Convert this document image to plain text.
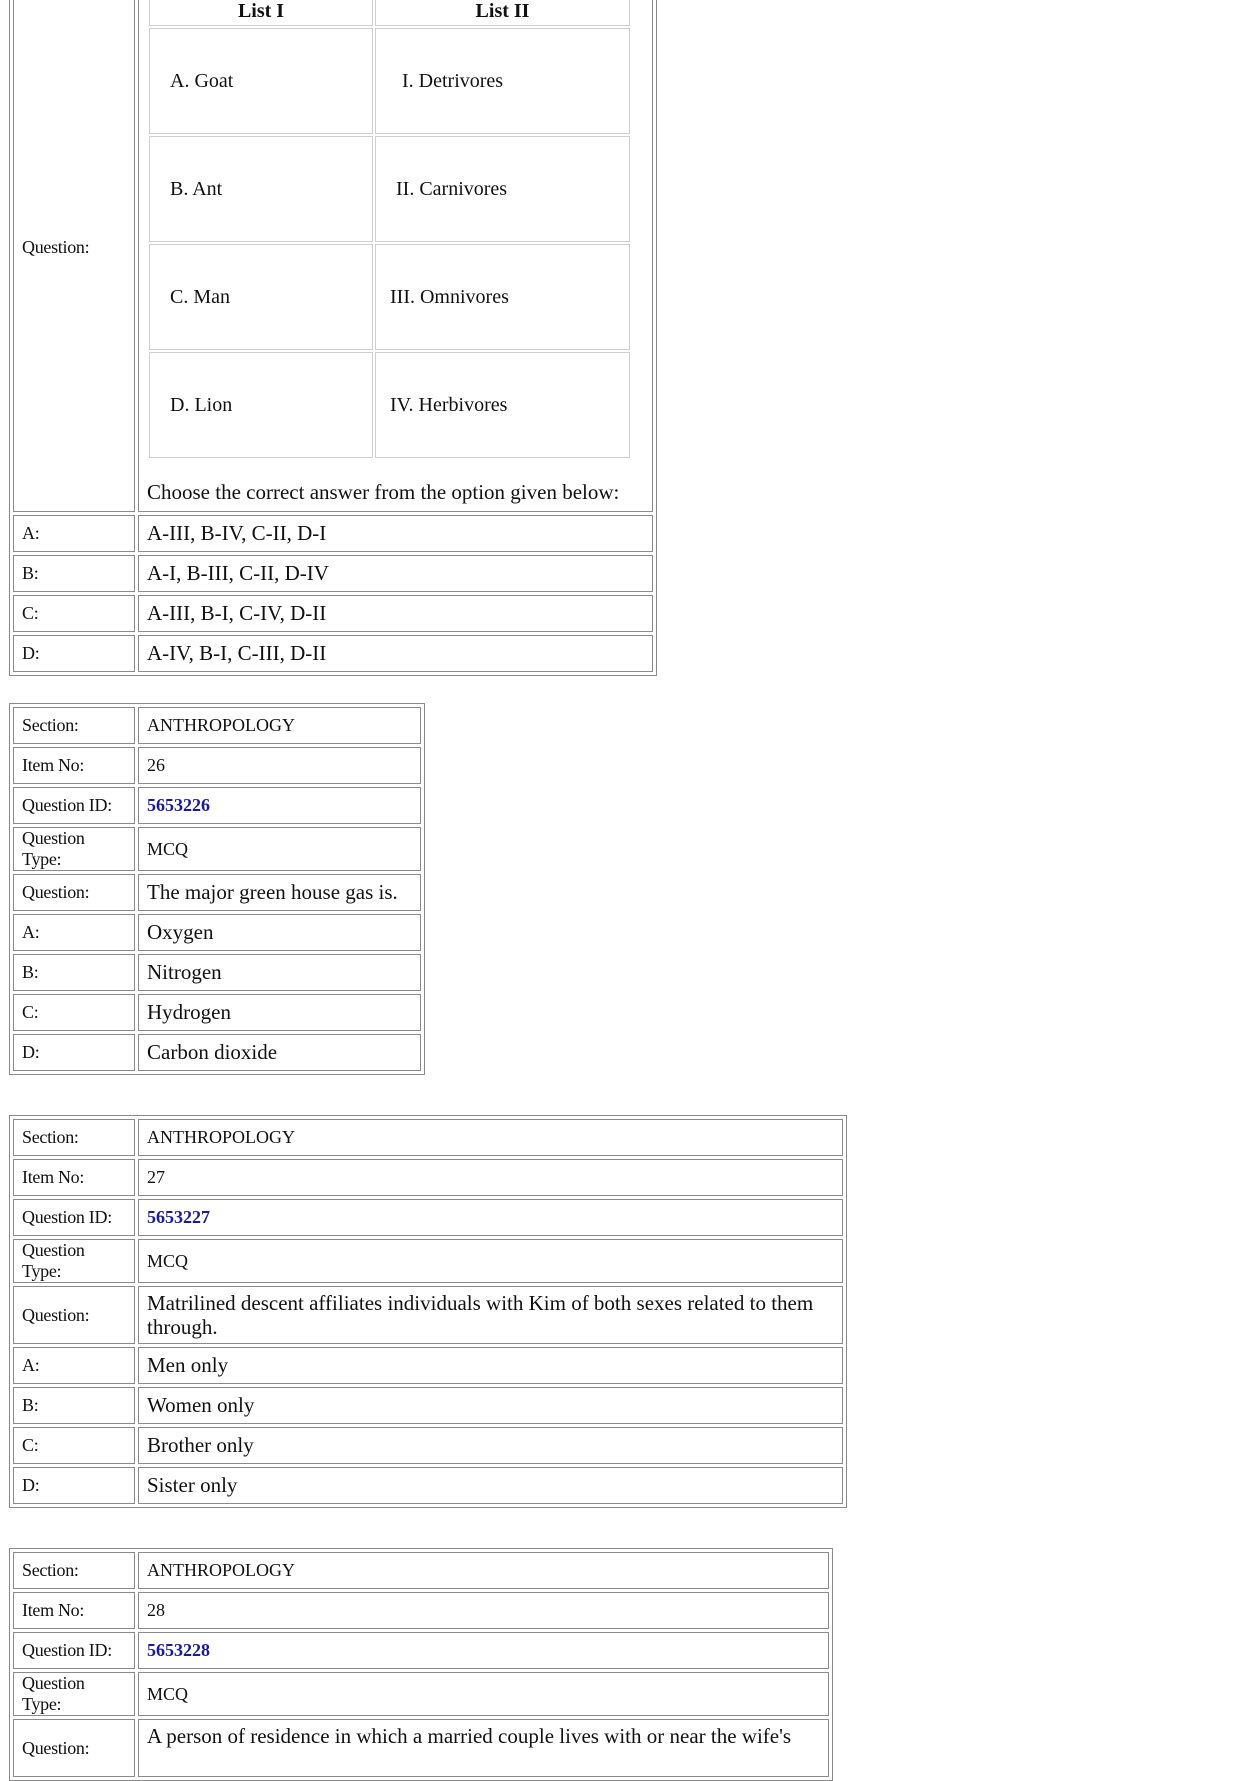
Question:	
List I	List II
A. Goat	I. Detrivores
B. Ant	II. Carnivores
C. Man	III. Omnivores
D. Lion	IV. Herbivores
Choose the correct answer from the option given below:

A:	A-III, B-IV, C-II, D-I
B:	A-I, B-III, C-II, D-IV
C:	A-III, B-I, C-IV, D-II
D:	A-IV, B-I, C-III, D-II
Section:	ANTHROPOLOGY
Item No:	26
Question ID:	5653226
Question Type:	MCQ
Question:	The major green house gas is.
A:	Oxygen
B:	Nitrogen
C:	Hydrogen
D:	Carbon dioxide
Section:	ANTHROPOLOGY
Item No:	27
Question ID:	5653227
Question Type:	MCQ
Question:	Matrilined descent affiliates individuals with Kim of both sexes related to them through.
A:	Men only
B:	Women only
C:	Brother only
D:	Sister only
Section:	ANTHROPOLOGY
Item No:	28
Question ID:	5653228
Question Type:	MCQ
Question:	A person of residence in which a married couple lives with or near the wife's
